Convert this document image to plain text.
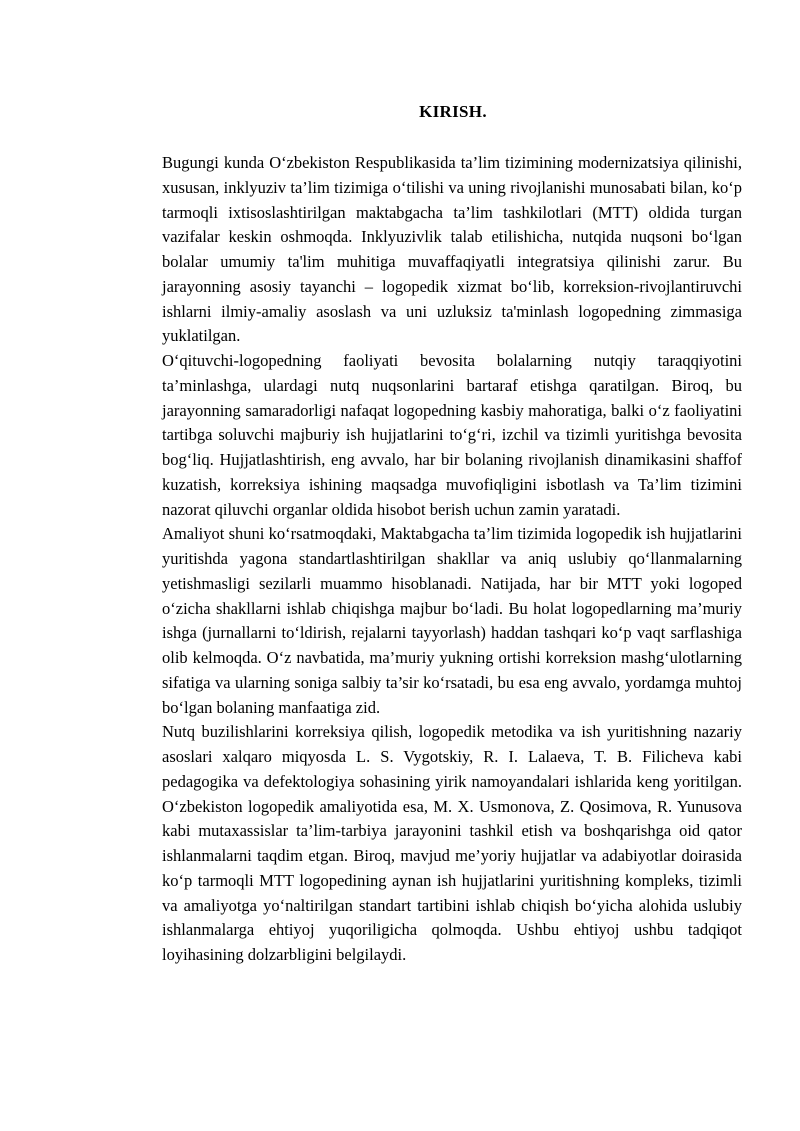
KIRISH.

Bugungi kunda O‘zbekiston Respublikasida ta’lim tizimining modernizatsiya qilinishi, xususan, inklyuziv ta’lim tizimiga o‘tilishi va uning rivojlanishi munosabati bilan, ko‘p tarmoqli ixtisoslashtirilgan maktabgacha ta’lim tashkilotlari (MTT) oldida turgan vazifalar keskin oshmoqda. Inklyuzivlik talab etilishicha, nutqida nuqsoni bo‘lgan bolalar umumiy ta'lim muhitiga muvaffaqiyatli integratsiya qilinishi zarur. Bu jarayonning asosiy tayanchi – logopedik xizmat bo‘lib, korreksion-rivojlantiruvchi ishlarni ilmiy-amaliy asoslash va uni uzluksiz ta'minlash logopedning zimmasiga yuklatilgan.

O‘qituvchi-logopedning faoliyati bevosita bolalarning nutqiy taraqqiyotini ta’minlashga, ulardagi nutq nuqsonlarini bartaraf etishga qaratilgan. Biroq, bu jarayonning samaradorligi nafaqat logopedning kasbiy mahoratiga, balki o‘z faoliyatini tartibga soluvchi majburiy ish hujjatlarini to‘g‘ri, izchil va tizimli yuritishga bevosita bog‘liq. Hujjatlashtirish, eng avvalo, har bir bolaning rivojlanish dinamikasini shaffof kuzatish, korreksiya ishining maqsadga muvofiqligini isbotlash va Ta’lim tizimini nazorat qiluvchi organlar oldida hisobot berish uchun zamin yaratadi.

Amaliyot shuni ko‘rsatmoqdaki, Maktabgacha ta’lim tizimida logopedik ish hujjatlarini yuritishda yagona standartlashtirilgan shakllar va aniq uslubiy qo‘llanmalarning yetishmasligi sezilarli muammo hisoblanadi. Natijada, har bir MTT yoki logoped o‘zicha shakllarni ishlab chiqishga majbur bo‘ladi. Bu holat logopedlarning ma’muriy ishga (jurnallarni to‘ldirish, rejalarni tayyorlash) haddan tashqari ko‘p vaqt sarflashiga olib kelmoqda. O‘z navbatida, ma’muriy yukning ortishi korreksion mashg‘ulotlarning sifatiga va ularning soniga salbiy ta’sir ko‘rsatadi, bu esa eng avvalo, yordamga muhtoj bo‘lgan bolaning manfaatiga zid.

Nutq buzilishlarini korreksiya qilish, logopedik metodika va ish yuritishning nazariy asoslari xalqaro miqyosda L. S. Vygotskiy, R. I. Lalaeva, T. B. Filicheva kabi pedagogika va defektologiya sohasining yirik namoyandalari ishlarida keng yoritilgan. O‘zbekiston logopedik amaliyotida esa, M. X. Usmonova, Z. Qosimova, R. Yunusova kabi mutaxassislar ta’lim-tarbiya jarayonini tashkil etish va boshqarishga oid qator ishlanmalarni taqdim etgan. Biroq, mavjud me’yoriy hujjatlar va adabiyotlar doirasida ko‘p tarmoqli MTT logopedining aynan ish hujjatlarini yuritishning kompleks, tizimli va amaliyotga yo‘naltirilgan standart tartibini ishlab chiqish bo‘yicha alohida uslubiy ishlanmalarga ehtiyoj yuqoriligicha qolmoqda. Ushbu ehtiyoj ushbu tadqiqot loyihasining dolzarbligini belgilaydi.
